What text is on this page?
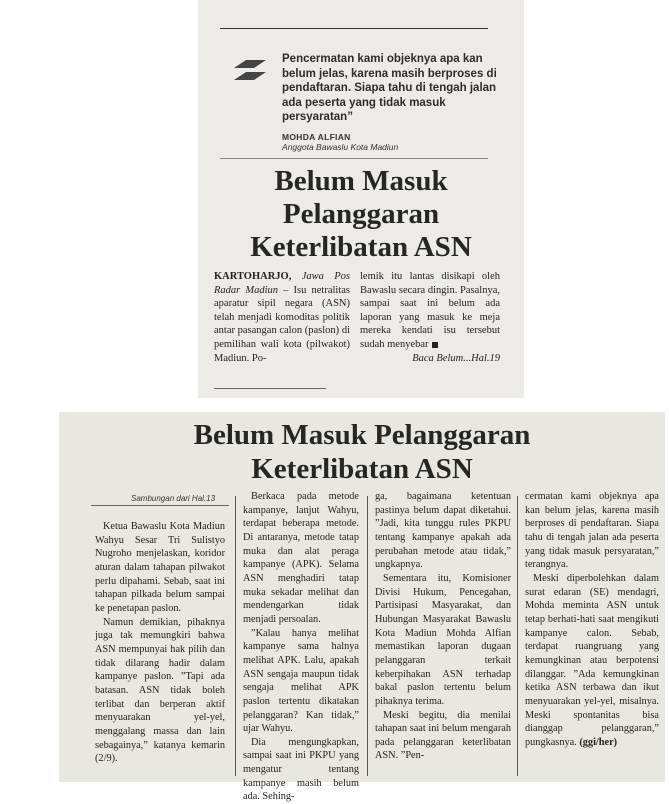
Pencermatan kami objeknya apa kan belum jelas, karena masih berproses di pendaftaran. Siapa tahu di tengah jalan ada peserta yang tidak masuk persyaratan”
MOHDA ALFIAN
Anggota Bawaslu Kota Madiun
Belum Masuk
Pelanggaran
Keterlibatan ASN
KARTOHARJO, Jawa Pos Radar Madiun – Isu netralitas aparatur sipil negara (ASN) telah menjadi komoditas politik antar pasangan calon (paslon) di pemilihan wali kota (pilwakot) Madiun. Po-
lemik itu lantas disikapi oleh Bawaslu secara dingin. Pasalnya, sampai saat ini belum ada laporan yang masuk ke meja mereka kendati isu tersebut sudah menyebar
Baca Belum...Hal.19
Belum Masuk Pelanggaran
Keterlibatan ASN
Sambungan dari Hal.13

Ketua Bawaslu Kota Madiun Wahyu Sesar Tri Sulistyo Nugroho menjelaskan, koridor aturan dalam tahapan pilwakot perlu dipahami. Sebab, saat ini tahapan pilkada belum sampai ke penetapan paslon.

Namun demikian, pihaknya juga tak memungkiri bahwa ASN mempunyai hak pilih dan tidak dilarang hadir dalam kampanye paslon. ”Tapi ada batasan. ASN tidak boleh terlibat dan berperan aktif menyuarakan yel-yel, menggalang massa dan lain sebagainya,” katanya kemarin (2/9).

Berkaca pada metode kampanye, lanjut Wahyu, terdapat beberapa metode. Di antaranya, metode tatap muka dan alat peraga kampanye (APK). Selama ASN menghadiri tatap muka sekadar melihat dan mendengarkan tidak menjadi persoalan.

”Kalau hanya melihat kampanye sama halnya melihat APK. Lalu, apakah ASN sengaja maupun tidak sengaja melihat APK paslon tertentu dikatakan pelanggaran? Kan tidak,” ujar Wahyu.

Dia mengungkapkan, sampai saat ini PKPU yang mengatur tentang kampanye masih belum ada. Sehing-

ga, bagaimana ketentuan pastinya belum dapat diketahui. ”Jadi, kita tunggu rules PKPU tentang kampanye apakah ada perubahan metode atau tidak,” ungkapnya.

Sementara itu, Komisioner Divisi Hukum, Pencegahan, Partisipasi Masyarakat, dan Hubungan Masyarakat Bawaslu Kota Madiun Mohda Alfian memastikan laporan dugaan pelanggaran terkait keberpihakan ASN terhadap bakal paslon tertentu belum pihaknya terima.

Meski begitu, dia menilai tahapan saat ini belum mengarah pada pelanggaran keterlibatan ASN. ”Pen-

cermatan kami objeknya apa kan belum jelas, karena masih berproses di pendaftaran. Siapa tahu di tengah jalan ada peserta yang tidak masuk persyaratan,” terangnya.

Meski diperbolehkan dalam surat edaran (SE) mendagri, Mohda meminta ASN untuk tetap berhati-hati saat mengikuti kampanye calon. Sebab, terdapat ruangruang yang kemungkinan atau berpotensi dilanggar. ”Ada kemungkinan ketika ASN terbawa dan ikut menyuarakan yel-yel, misalnya. Meski spontanitas bisa dianggap pelanggaran,” pungkasnya. (ggi/her)
